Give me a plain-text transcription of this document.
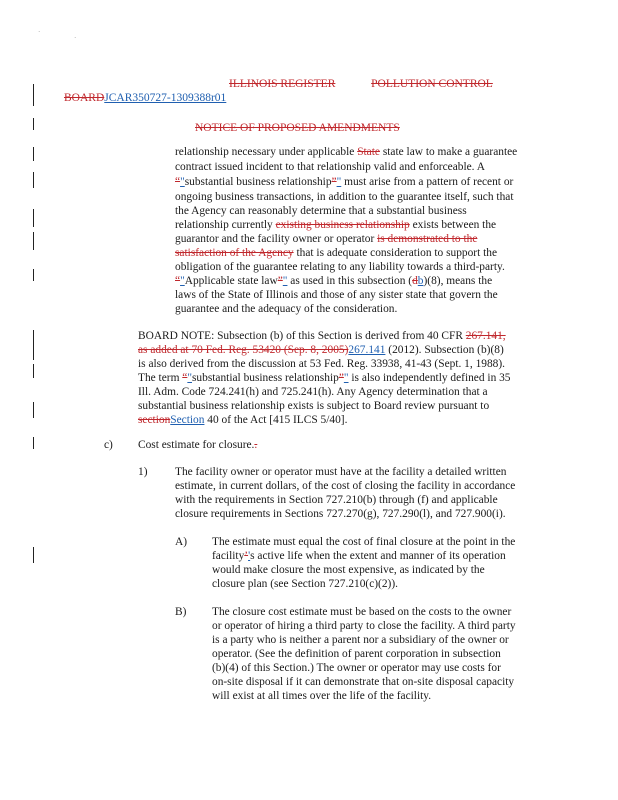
·
·
ILLINOIS REGISTER	POLLUTION CONTROL
BOARDJCAR350727-1309388r01
NOTICE OF PROPOSED AMENDMENTS
relationship necessary under applicable State state law to make a guarantee
contract issued incident to that relationship valid and enforceable. A
“"substantial business relationship”" must arise from a pattern of recent or
ongoing business transactions, in addition to the guarantee itself, such that
the Agency can reasonably determine that a substantial business
relationship currently existing business relationship exists between the
guarantor and the facility owner or operator is demonstrated to the
satisfaction of the Agency that is adequate consideration to support the
obligation of the guarantee relating to any liability towards a third-party.
“"Applicable state law”" as used in this subsection (db)(8), means the
laws of the State of Illinois and those of any sister state that govern the
guarantee and the adequacy of the consideration.
BOARD NOTE: Subsection (b) of this Section is derived from 40 CFR 267.141,
as added at 70 Fed. Reg. 53420 (Sep. 8, 2005)267.141 (2012). Subsection (b)(8)
is also derived from the discussion at 53 Fed. Reg. 33938, 41-43 (Sept. 1, 1988).
The term “"substantial business relationship”" is also independently defined in 35
Ill. Adm. Code 724.241(h) and 725.241(h). Any Agency determination that a
substantial business relationship exists is subject to Board review pursuant to
sectionSection 40 of the Act [415 ILCS 5/40].
c) Cost estimate for closure..
1) The facility owner or operator must have at the facility a detailed written
estimate, in current dollars, of the cost of closing the facility in accordance
with the requirements in Section 727.210(b) through (f) and applicable
closure requirements in Sections 727.270(g), 727.290(l), and 727.900(i).
A) The estimate must equal the cost of final closure at the point in the
facility’'s active life when the extent and manner of its operation
would make closure the most expensive, as indicated by the
closure plan (see Section 727.210(c)(2)).
B) The closure cost estimate must be based on the costs to the owner
or operator of hiring a third party to close the facility. A third party
is a party who is neither a parent nor a subsidiary of the owner or
operator. (See the definition of parent corporation in subsection
(b)(4) of this Section.) The owner or operator may use costs for
on-site disposal if it can demonstrate that on-site disposal capacity
will exist at all times over the life of the facility.
